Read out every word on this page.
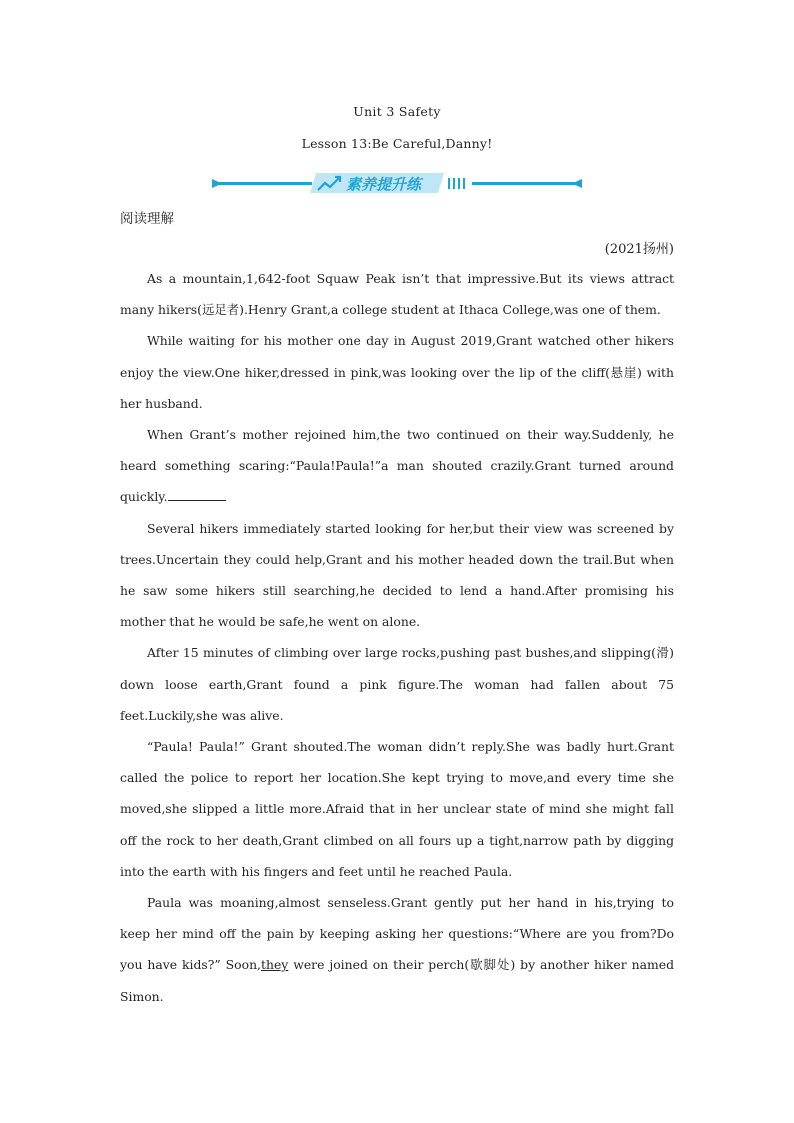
Unit 3 Safety
Lesson 13:Be Careful,Danny!
素养提升练
阅读理解
(2021扬州)

As a mountain,1,642-foot Squaw Peak isn’t that impressive.But its views attract many hikers(远足者).Henry Grant,a college student at Ithaca College,was one of them.

While waiting for his mother one day in August 2019,Grant watched other hikers enjoy the view.One hiker,dressed in pink,was looking over the lip of the cliff(悬崖) with her husband.

When Grant’s mother rejoined him,the two continued on their way.Suddenly, he heard something scaring:“Paula!Paula!”a man shouted crazily.Grant turned around quickly.

Several hikers immediately started looking for her,but their view was screened by trees.Uncertain they could help,Grant and his mother headed down the trail.But when he saw some hikers still searching,he decided to lend a hand.After promising his mother that he would be safe,he went on alone.

After 15 minutes of climbing over large rocks,pushing past bushes,and slipping(滑) down loose earth,Grant found a pink figure.The woman had fallen about 75 feet.Luckily,she was alive.

“Paula! Paula!” Grant shouted.The woman didn’t reply.She was badly hurt.Grant called the police to report her location.She kept trying to move,and every time she moved,she slipped a little more.Afraid that in her unclear state of mind she might fall off the rock to her death,Grant climbed on all fours up a tight,narrow path by digging into the earth with his fingers and feet until he reached Paula.

Paula was moaning,almost senseless.Grant gently put her hand in his,trying to keep her mind off the pain by keeping asking her questions:“Where are you from?Do you have kids?” Soon,they were joined on their perch(歇脚处) by another hiker named Simon.
